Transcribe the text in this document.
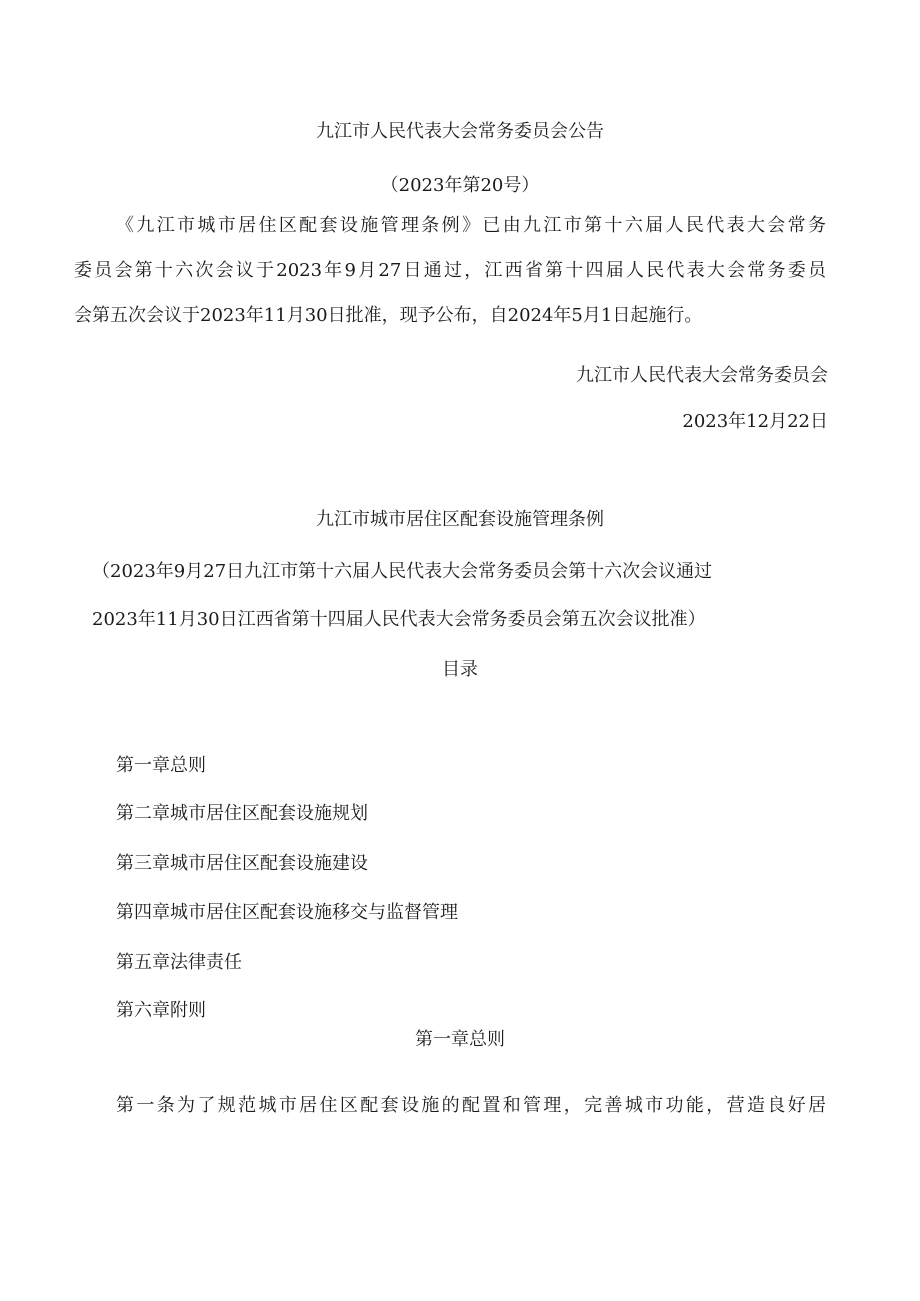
九江市人民代表大会常务委员会公告
（2023年第20号）
《九江市城市居住区配套设施管理条例》已由九江市第十六届人民代表大会常务
委员会第十六次会议于2023年9月27日通过，江西省第十四届人民代表大会常务委员
会第五次会议于2023年11月30日批准，现予公布，自2024年5月1日起施行。
九江市人民代表大会常务委员会
2023年12月22日
九江市城市居住区配套设施管理条例
（2023年9月27日九江市第十六届人民代表大会常务委员会第十六次会议通过
2023年11月30日江西省第十四届人民代表大会常务委员会第五次会议批准）
目录
第一章总则
第二章城市居住区配套设施规划
第三章城市居住区配套设施建设
第四章城市居住区配套设施移交与监督管理
第五章法律责任
第六章附则
第一章总则
第一条为了规范城市居住区配套设施的配置和管理，完善城市功能，营造良好居
